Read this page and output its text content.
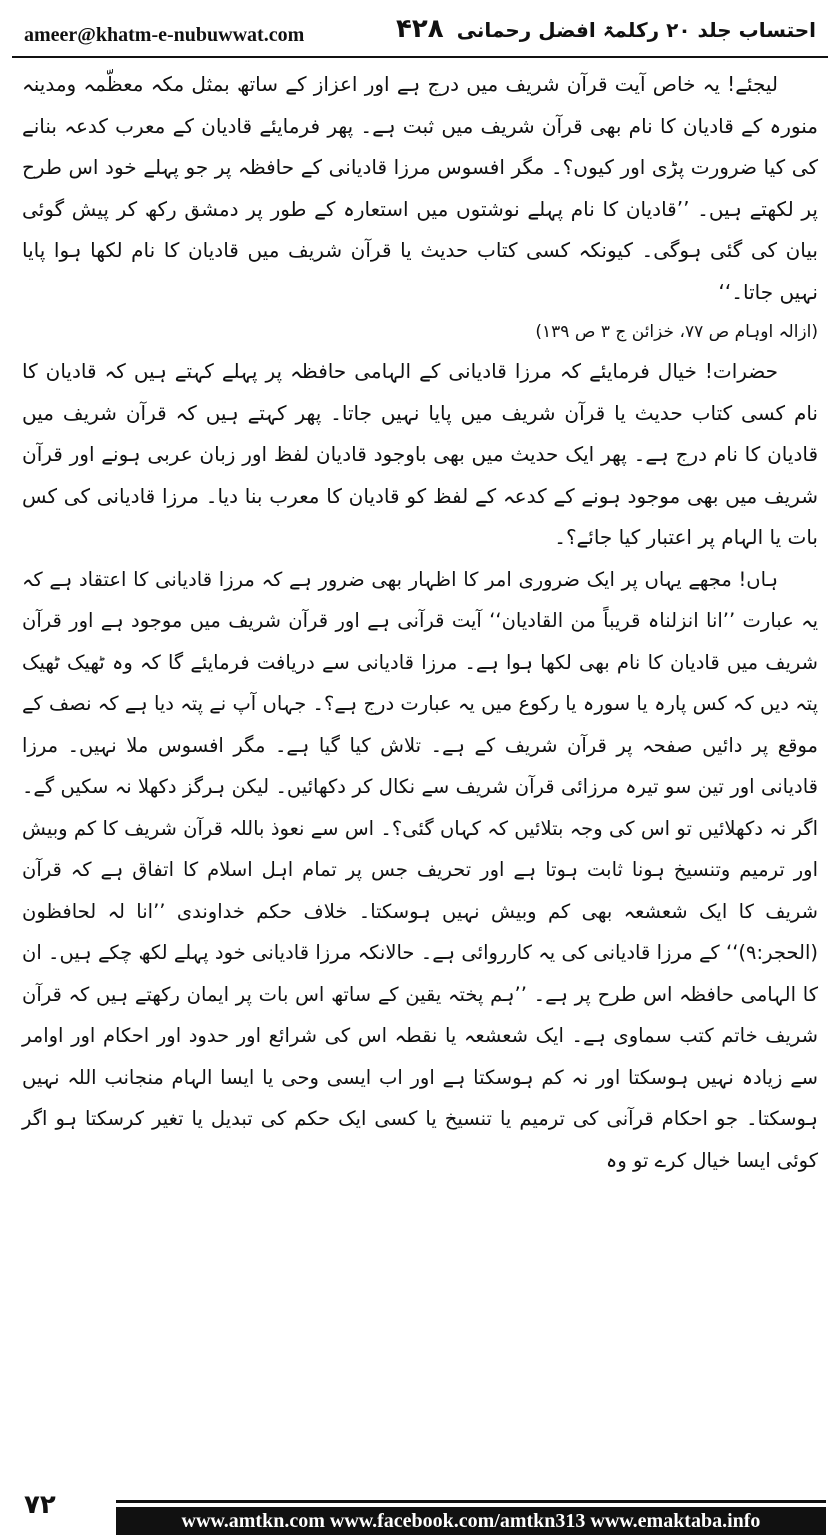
ameer@khatm-e-nubuwwat.com	۴۲۸ احتساب جلد ۲۰ رکلمۃ افضل رحمانی

لیجئے! یہ خاص آیت قرآن شریف میں درج ہے اور اعزاز کے ساتھ بمثل مکہ معظّمہ ومدینہ منورہ کے قادیان کا نام بھی قرآن شریف میں ثبت ہے۔ پھر فرمایئے قادیان کے معرب کدعہ بنانے کی کیا ضرورت پڑی اور کیوں؟۔ مگر افسوس مرزا قادیانی کے حافظہ پر جو پہلے خود اس طرح پر لکھتے ہیں۔ ’’قادیان کا نام پہلے نوشتوں میں استعارہ کے طور پر دمشق رکھ کر پیش گوئی بیان کی گئی ہوگی۔ کیونکہ کسی کتاب حدیث یا قرآن شریف میں قادیان کا نام لکھا ہوا پایا نہیں جاتا۔‘‘

(ازالہ اوہام ص ۷۷، خزائن ج ۳ ص ۱۳۹)

حضرات! خیال فرمایئے کہ مرزا قادیانی کے الہامی حافظہ پر پہلے کہتے ہیں کہ قادیان کا نام کسی کتاب حدیث یا قرآن شریف میں پایا نہیں جاتا۔ پھر کہتے ہیں کہ قرآن شریف میں قادیان کا نام درج ہے۔ پھر ایک حدیث میں بھی باوجود قادیان لفظ اور زبان عربی ہونے اور قرآن شریف میں بھی موجود ہونے کے کدعہ کے لفظ کو قادیان کا معرب بنا دیا۔ مرزا قادیانی کی کس بات یا الہام پر اعتبار کیا جائے؟۔

ہاں! مجھے یہاں پر ایک ضروری امر کا اظہار بھی ضرور ہے کہ مرزا قادیانی کا اعتقاد ہے کہ یہ عبارت ’’انا انزلناہ قریباً من القادیان‘‘ آیت قرآنی ہے اور قرآن شریف میں موجود ہے اور قرآن شریف میں قادیان کا نام بھی لکھا ہوا ہے۔ مرزا قادیانی سے دریافت فرمایئے گا کہ وہ ٹھیک ٹھیک پتہ دیں کہ کس پارہ یا سورہ یا رکوع میں یہ عبارت درج ہے؟۔ جہاں آپ نے پتہ دیا ہے کہ نصف کے موقع پر دائیں صفحہ پر قرآن شریف کے ہے۔ تلاش کیا گیا ہے۔ مگر افسوس ملا نہیں۔ مرزا قادیانی اور تین سو تیرہ مرزائی قرآن شریف سے نکال کر دکھائیں۔ لیکن ہرگز دکھلا نہ سکیں گے۔ اگر نہ دکھلائیں تو اس کی وجہ بتلائیں کہ کہاں گئی؟۔ اس سے نعوذ باللہ قرآن شریف کا کم وبیش اور ترمیم وتنسیخ ہونا ثابت ہوتا ہے اور تحریف جس پر تمام اہل اسلام کا اتفاق ہے کہ قرآن شریف کا ایک شعشعہ بھی کم وبیش نہیں ہوسکتا۔ خلاف حکم خداوندی ’’انا لہ لحافظون (الحجر:۹)‘‘ کے مرزا قادیانی کی یہ کارروائی ہے۔ حالانکہ مرزا قادیانی خود پہلے لکھ چکے ہیں۔ ان کا الہامی حافظہ اس طرح پر ہے۔ ’’ہم پختہ یقین کے ساتھ اس بات پر ایمان رکھتے ہیں کہ قرآن شریف خاتم کتب سماوی ہے۔ ایک شعشعہ یا نقطہ اس کی شرائع اور حدود اور احکام اور اوامر سے زیادہ نہیں ہوسکتا اور نہ کم ہوسکتا ہے اور اب ایسی وحی یا ایسا الہام منجانب اللہ نہیں ہوسکتا۔ جو احکام قرآنی کی ترمیم یا تنسیخ یا کسی ایک حکم کی تبدیل یا تغیر کرسکتا ہو اگر کوئی ایسا خیال کرے تو وہ

۷۲
www.amtkn.com www.facebook.com/amtkn313 www.emaktaba.info
